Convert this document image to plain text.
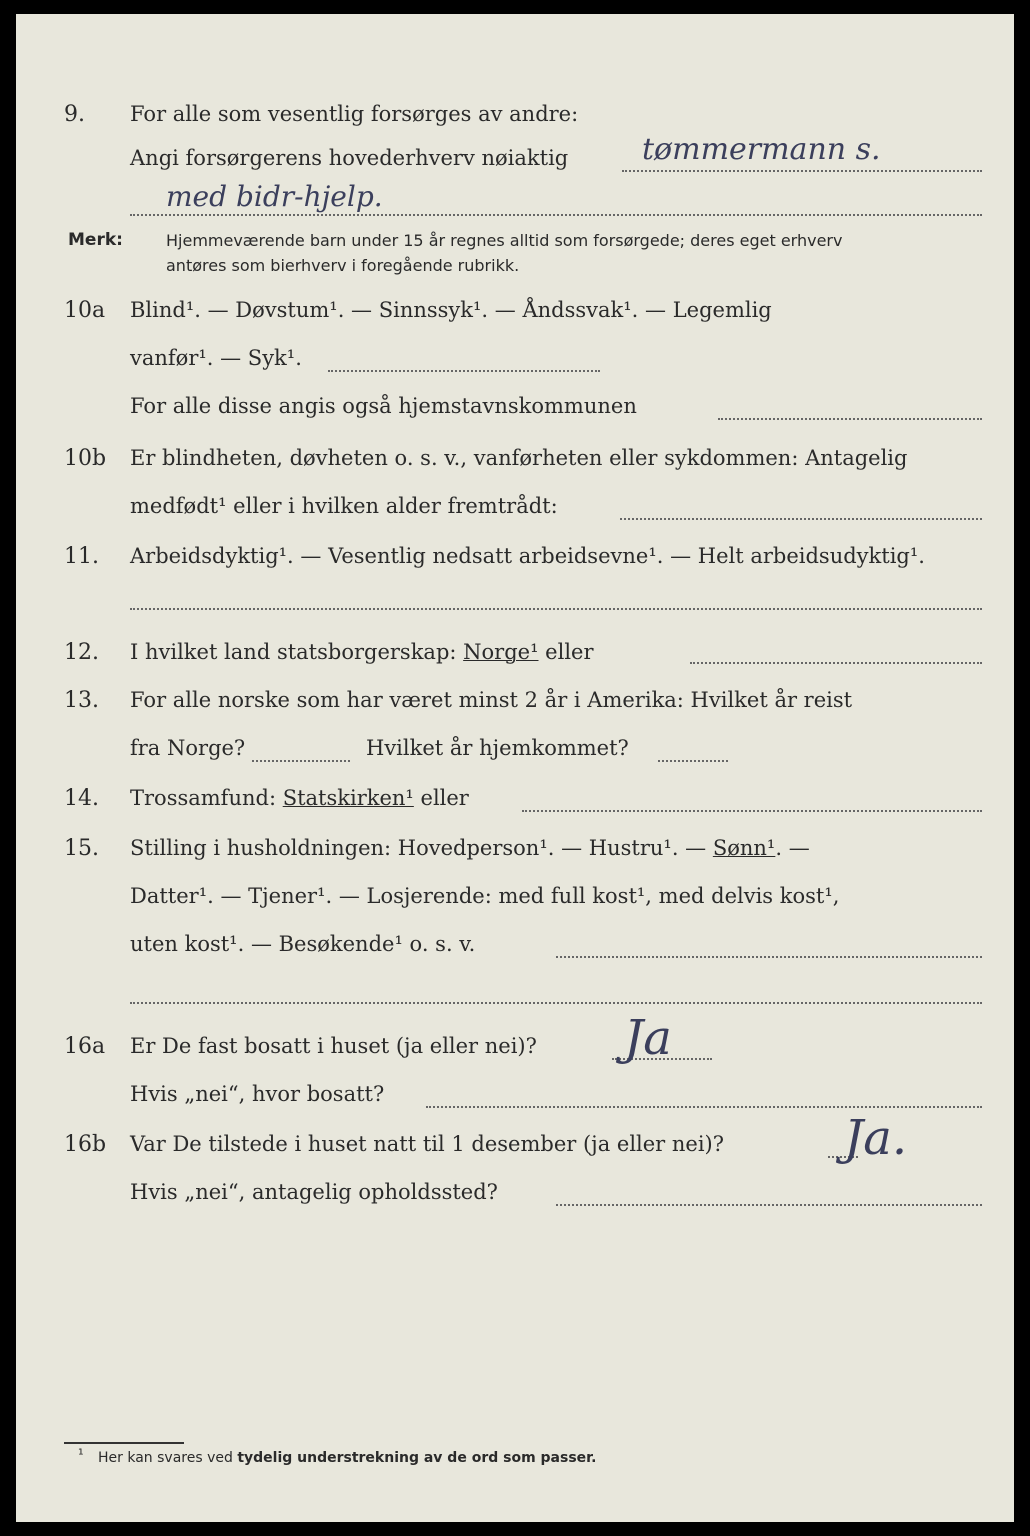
9. For alle som vesentlig forsørges av andre:
Angi forsørgerens hovederhverv nøiaktig tømmermann s.
med bidr-hjelp.
Merk:	Hjemmeværende barn under 15 år regnes alltid som forsørgede; deres eget erhverv
antøres som bierhverv i foregående rubrikk.
10a Blind¹. — Døvstum¹. — Sinnssyk¹. — Åndssvak¹. — Legemlig
vanfør¹. — Syk¹.
For alle disse angis også hjemstavnskommunen
10b Er blindheten, døvheten o. s. v., vanførheten eller sykdommen: Antagelig
medfødt¹ eller i hvilken alder fremtrådt:
11. Arbeidsdyktig¹. — Vesentlig nedsatt arbeidsevne¹. — Helt arbeidsudyktig¹.
12. I hvilket land statsborgerskap: Norge¹ eller
13. For alle norske som har været minst 2 år i Amerika: Hvilket år reist
fra Norge?	Hvilket år hjemkommet?
14. Trossamfund: Statskirken¹ eller
15. Stilling i husholdningen: Hovedperson¹. — Hustru¹. — Sønn¹. —
Datter¹. — Tjener¹. — Losjerende: med full kost¹, med delvis kost¹,
uten kost¹. — Besøkende¹ o. s. v.
16a Er De fast bosatt i huset (ja eller nei)? Ja
Hvis „nei“, hvor bosatt?
16b Var De tilstede i huset natt til 1 desember (ja eller nei)? Ja.
Hvis „nei“, antagelig opholdssted?
¹ Her kan svares ved tydelig understrekning av de ord som passer.
